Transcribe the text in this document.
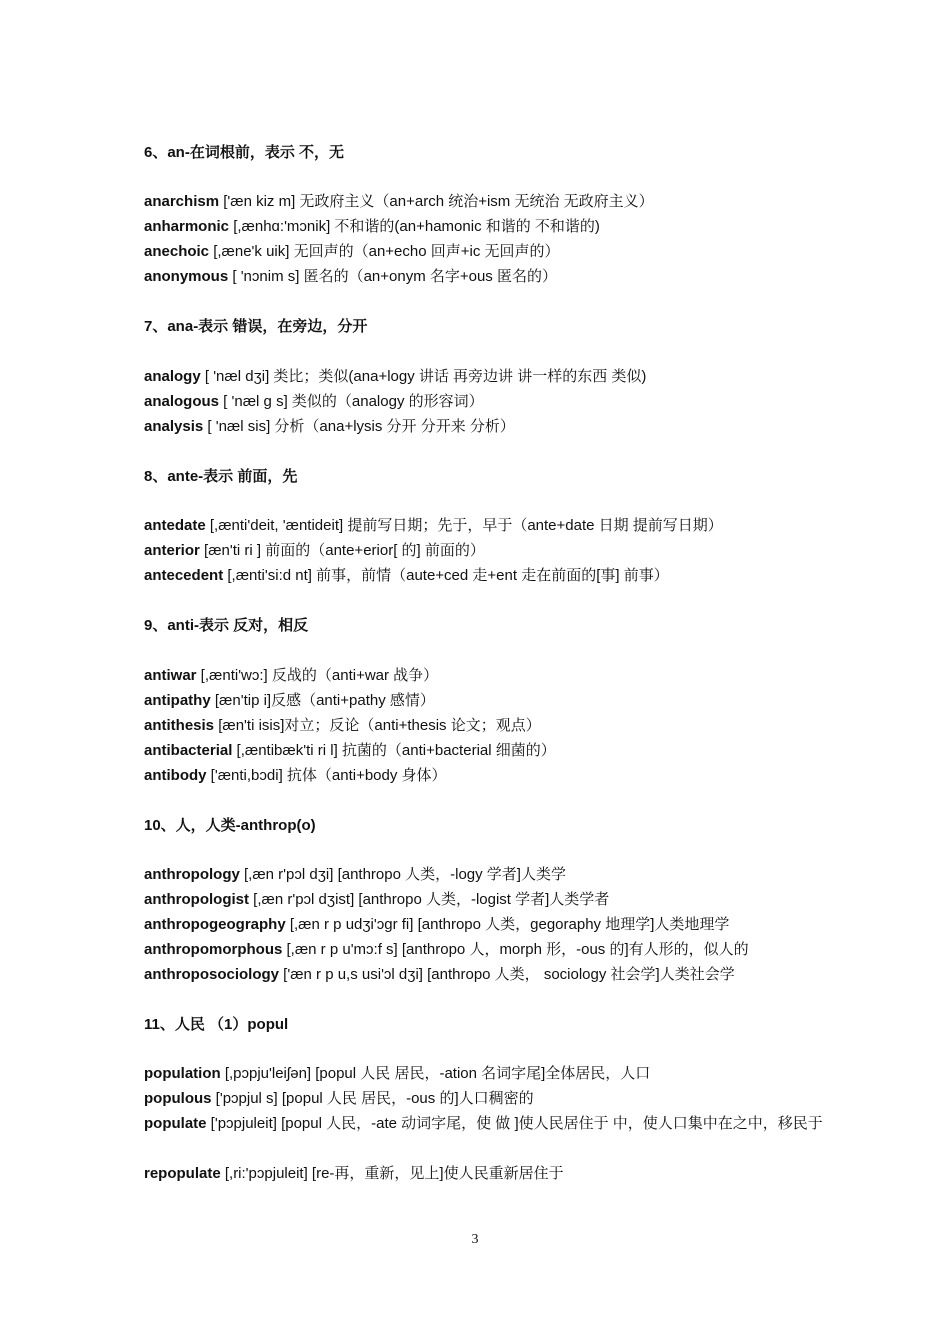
6、an-在词根前，表示 不，无
anarchism ['æn kiz m] 无政府主义（an+arch 统治+ism 无统治 无政府主义）
anharmonic [,ænhɑ:'mɔnik] 不和谐的(an+hamonic 和谐的 不和谐的)
anechoic [,æne'k uik] 无回声的（an+echo 回声+ic 无回声的）
anonymous [ 'nɔnim s] 匿名的（an+onym 名字+ous 匿名的）
7、ana-表示 错误，在旁边，分开
analogy [ 'næl dʒi] 类比；类似(ana+logy 讲话 再旁边讲 讲一样的东西 类似)
analogous [ 'næl ɡ s] 类似的（analogy 的形容词）
analysis [ 'næl sis] 分析（ana+lysis 分开 分开来 分析）
8、ante-表示 前面，先
antedate [,ænti'deit, 'æntideit] 提前写日期；先于，早于（ante+date 日期 提前写日期）
anterior [æn'ti ri ] 前面的（ante+erior[ 的] 前面的）
antecedent [,ænti'si:d nt] 前事，前情（aute+ced 走+ent 走在前面的[事] 前事）
9、anti-表示 反对，相反
antiwar [,ænti'wɔ:] 反战的（anti+war 战争）
antipathy [æn'tip i]反感（anti+pathy 感情）
antithesis [æn'ti isis]对立；反论（anti+thesis 论文；观点）
antibacterial [,æntibæk'ti ri l] 抗菌的（anti+bacterial 细菌的）
antibody ['ænti,bɔdi] 抗体（anti+body 身体）
10、人，人类-anthrop(o)
anthropology [,æn r'pɔl dʒi] [anthropo 人类，-logy 学者]人类学
anthropologist [,æn r'pɔl dʒist] [anthropo 人类，-logist 学者]人类学者
anthropogeography [,æn r p udʒi'ɔɡr fi] [anthropo 人类，gegoraphy 地理学]人类地理学
anthropomorphous [,æn r p u'mɔ:f s] [anthropo 人，morph 形，-ous 的]有人形的，似人的
anthroposociology ['æn r p u,s usi'ɔl dʒi] [anthropo 人类， sociology 社会学]人类社会学
11、人民 （1）popul
population [,pɔpju'leiʃən] [popul 人民 居民，-ation 名词字尾]全体居民，人口
populous ['pɔpjul s] [popul 人民 居民，-ous 的]人口稠密的
populate ['pɔpjuleit] [popul 人民，-ate 动词字尾，使 做 ]使人民居住于 中，使人口集中在之中，移民于
repopulate [,ri:'pɔpjuleit] [re-再，重新，见上]使人民重新居住于
3
